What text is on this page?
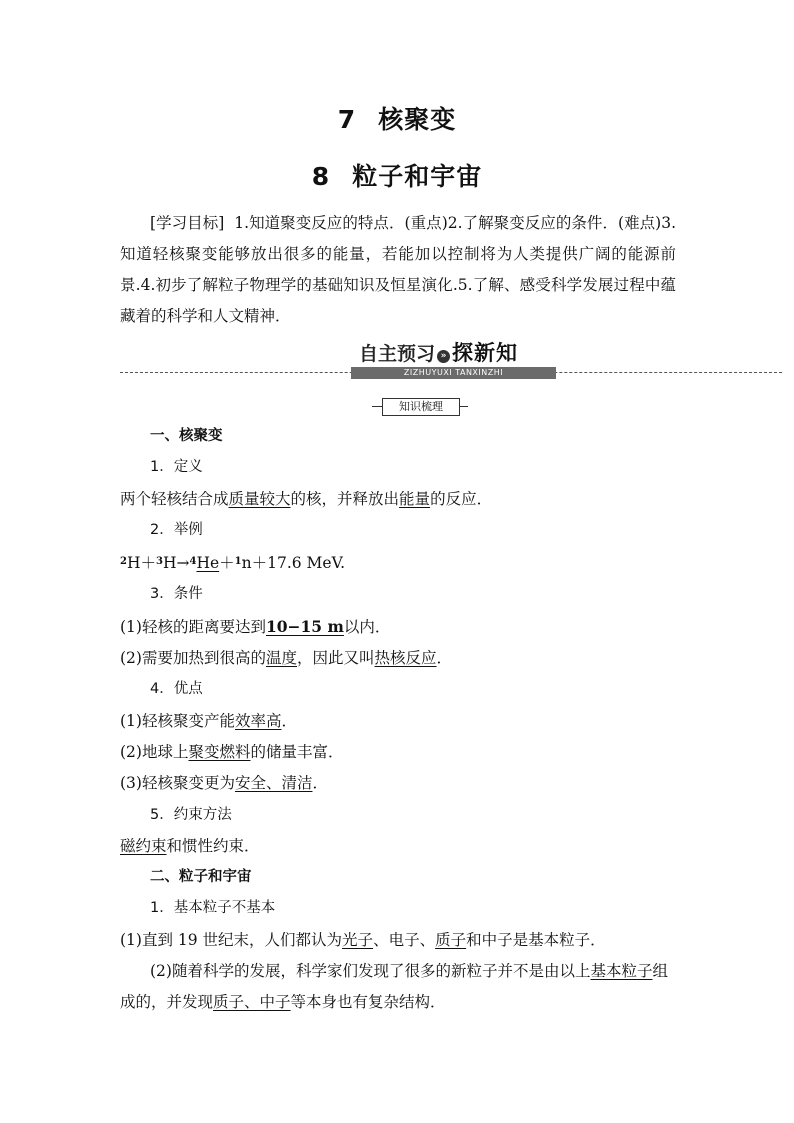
7 核聚变
8 粒子和宇宙
[学习目标] 1.知道聚变反应的特点．(重点)2.了解聚变反应的条件．(难点)3.知道轻核聚变能够放出很多的能量，若能加以控制将为人类提供广阔的能源前景.4.初步了解粒子物理学的基础知识及恒星演化.5.了解、感受科学发展过程中蕴藏着的科学和人文精神．
自主预习 » 探新知
ZIZHUYUXI TANXINZHI
知识梳理

一、核聚变

1．定义

两个轻核结合成质量较大的核，并释放出能量的反应．

2．举例

$^2$H＋$^3$H→$^4$He＋$^1$n＋17.6 MeV.

3．条件

(1)轻核的距离要达到10−15 m以内．

(2)需要加热到很高的温度，因此又叫热核反应．

4．优点

(1)轻核聚变产能效率高．

(2)地球上聚变燃料的储量丰富．

(3)轻核聚变更为安全、清洁．

5．约束方法

磁约束和惯性约束．

二、粒子和宇宙

1．基本粒子不基本

(1)直到 19 世纪末，人们都认为光子、电子、质子和中子是基本粒子．

(2)随着科学的发展，科学家们发现了很多的新粒子并不是由以上基本粒子组成的，并发现质子、中子等本身也有复杂结构．
